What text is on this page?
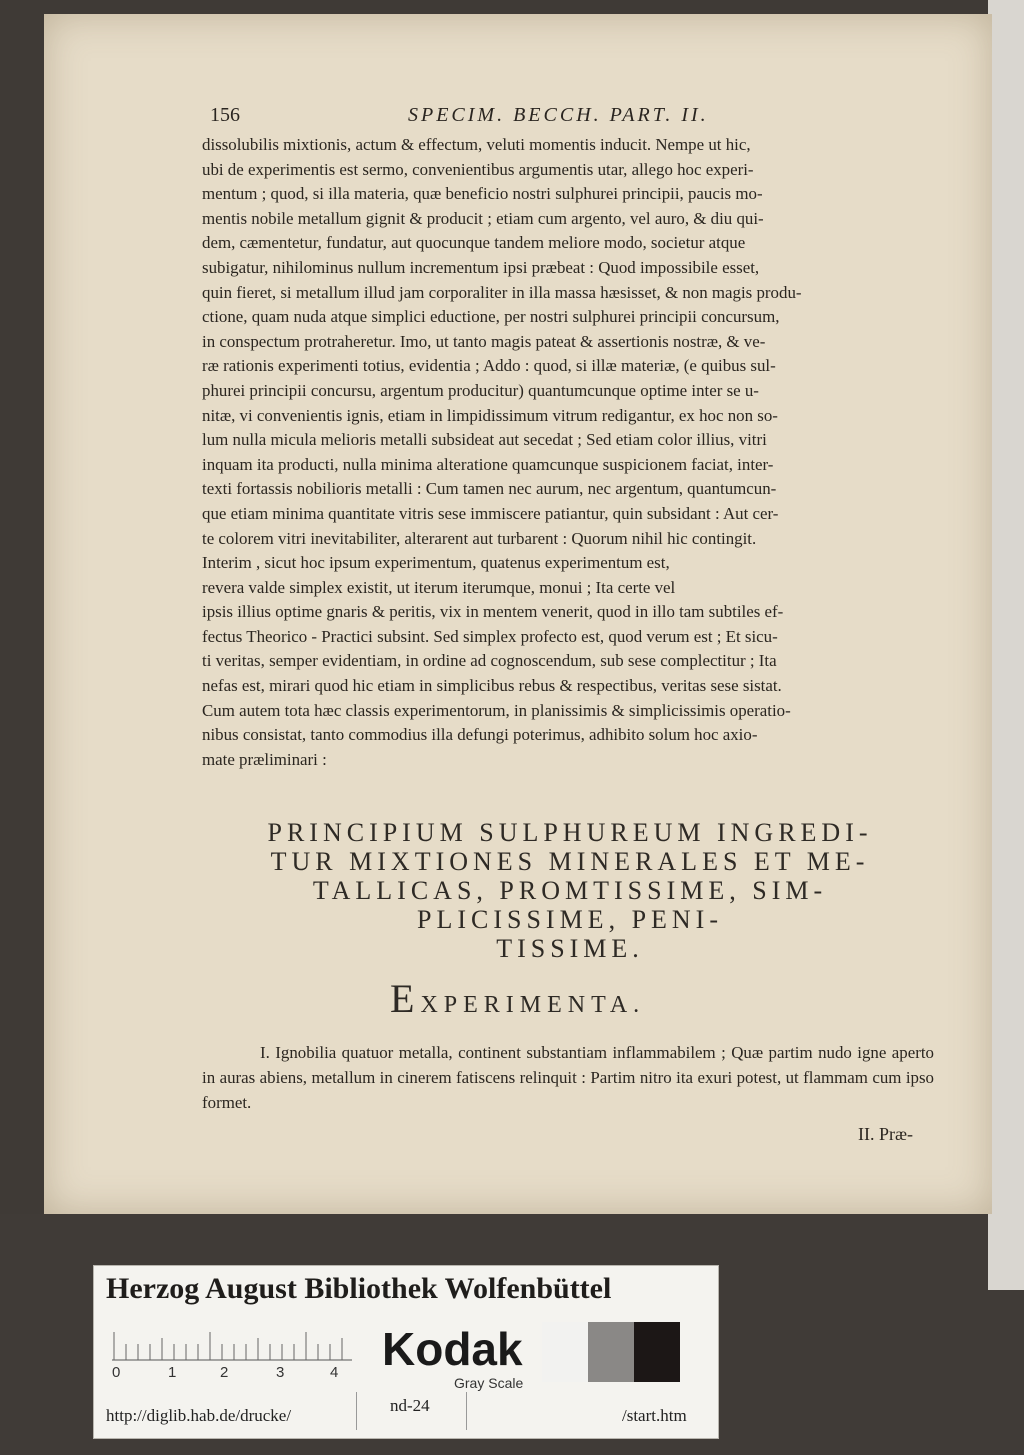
156	SPECIM. BECCH. PART. II.

dissolubilis mixtionis, actum & effectum, veluti momentis inducit. Nempe ut hic,

ubi de experimentis est sermo, convenientibus argumentis utar, allego hoc experi-

mentum ; quod, si illa materia, quæ beneficio nostri sulphurei principii, paucis mo-

mentis nobile metallum gignit & producit ; etiam cum argento, vel auro, & diu qui-

dem, cæmentetur, fundatur, aut quocunque tandem meliore modo, societur atque

subigatur, nihilominus nullum incrementum ipsi præbeat : Quod impossibile esset,

quin fieret, si metallum illud jam corporaliter in illa massa hæsisset, & non magis produ-

ctione, quam nuda atque simplici eductione, per nostri sulphurei principii concursum,

in conspectum protraheretur. Imo, ut tanto magis pateat & assertionis nostræ, & ve-

ræ rationis experimenti totius, evidentia ; Addo : quod, si illæ materiæ, (e quibus sul-

phurei principii concursu, argentum producitur) quantumcunque optime inter se u-

nitæ, vi convenientis ignis, etiam in limpidissimum vitrum redigantur, ex hoc non so-

lum nulla micula melioris metalli subsideat aut secedat ; Sed etiam color illius, vitri

inquam ita producti, nulla minima alteratione quamcunque suspicionem faciat, inter-

texti fortassis nobilioris metalli : Cum tamen nec aurum, nec argentum, quantumcun-

que etiam minima quantitate vitris sese immiscere patiantur, quin subsidant : Aut cer-

te colorem vitri inevitabiliter, alterarent aut turbarent : Quorum nihil hic contingit.

Interim , sicut hoc ipsum experimentum, quatenus experimentum est,

revera valde simplex existit, ut iterum iterumque, monui ; Ita certe vel

ipsis illius optime gnaris & peritis, vix in mentem venerit, quod in illo tam subtiles ef-

fectus Theorico - Practici subsint. Sed simplex profecto est, quod verum est ; Et sicu-

ti veritas, semper evidentiam, in ordine ad cognoscendum, sub sese complectitur ; Ita

nefas est, mirari quod hic etiam in simplicibus rebus & respectibus, veritas sese sistat.

Cum autem tota hæc classis experimentorum, in planissimis & simplicissimis operatio-

nibus consistat, tanto commodius illa defungi poterimus, adhibito solum hoc axio-

mate præliminari :

PRINCIPIUM SULPHUREUM INGREDI-
TUR MIXTIONES MINERALES ET ME-
TALLICAS, PROMTISSIME, SIM-
PLICISSIME, PENI-
TISSIME.
EXPERIMENTA.
I. Ignobilia quatuor metalla, continent substantiam inflammabilem ; Quæ partim nudo igne aperto in auras abiens, metallum in cinerem fatiscens relinquit : Partim nitro ita exuri potest, ut flammam cum ipso formet.
II. Præ-
Herzog August Bibliothek Wolfenbüttel
0	1	2	3	4 Kodak
Gray Scale
http://diglib.hab.de/drucke/
nd-24
/start.htm
